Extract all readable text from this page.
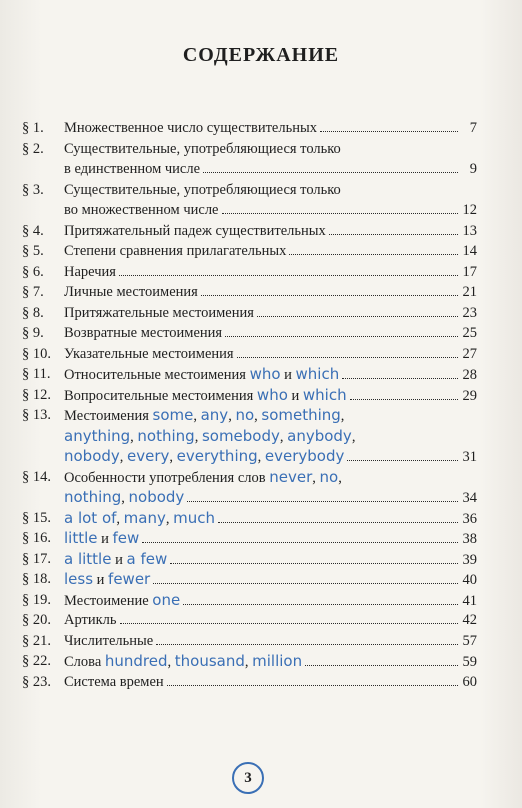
СОДЕРЖАНИЕ
§ 1.	Множественное число существительных	7
§ 2.	Существительные, употребляющиеся только
в единственном числе	9
§ 3.	Существительные, употребляющиеся только
во множественном числе	12
§ 4.	Притяжательный падеж существительных	13
§ 5.	Степени сравнения прилагательных	14
§ 6.	Наречия	17
§ 7.	Личные местоимения	21
§ 8.	Притяжательные местоимения	23
§ 9.	Возвратные местоимения	25
§ 10. Указательные местоимения	27
§ 11. Относительные местоимения who и which	28
§ 12. Вопросительные местоимения who и which	29
§ 13. Местоимения some, any, no, something,
anything, nothing, somebody, anybody,
nobody, every, everything, everybody	31
§ 14. Особенности употребления слов never, no,
nothing, nobody	34
§ 15. a lot of, many, much	36
§ 16. little и few	38
§ 17. a little и a few	39
§ 18. less и fewer	40
§ 19. Местоимение one	41
§ 20. Артикль	42
§ 21. Числительные	57
§ 22. Слова hundred, thousand, million	59
§ 23. Система времен	60
3
